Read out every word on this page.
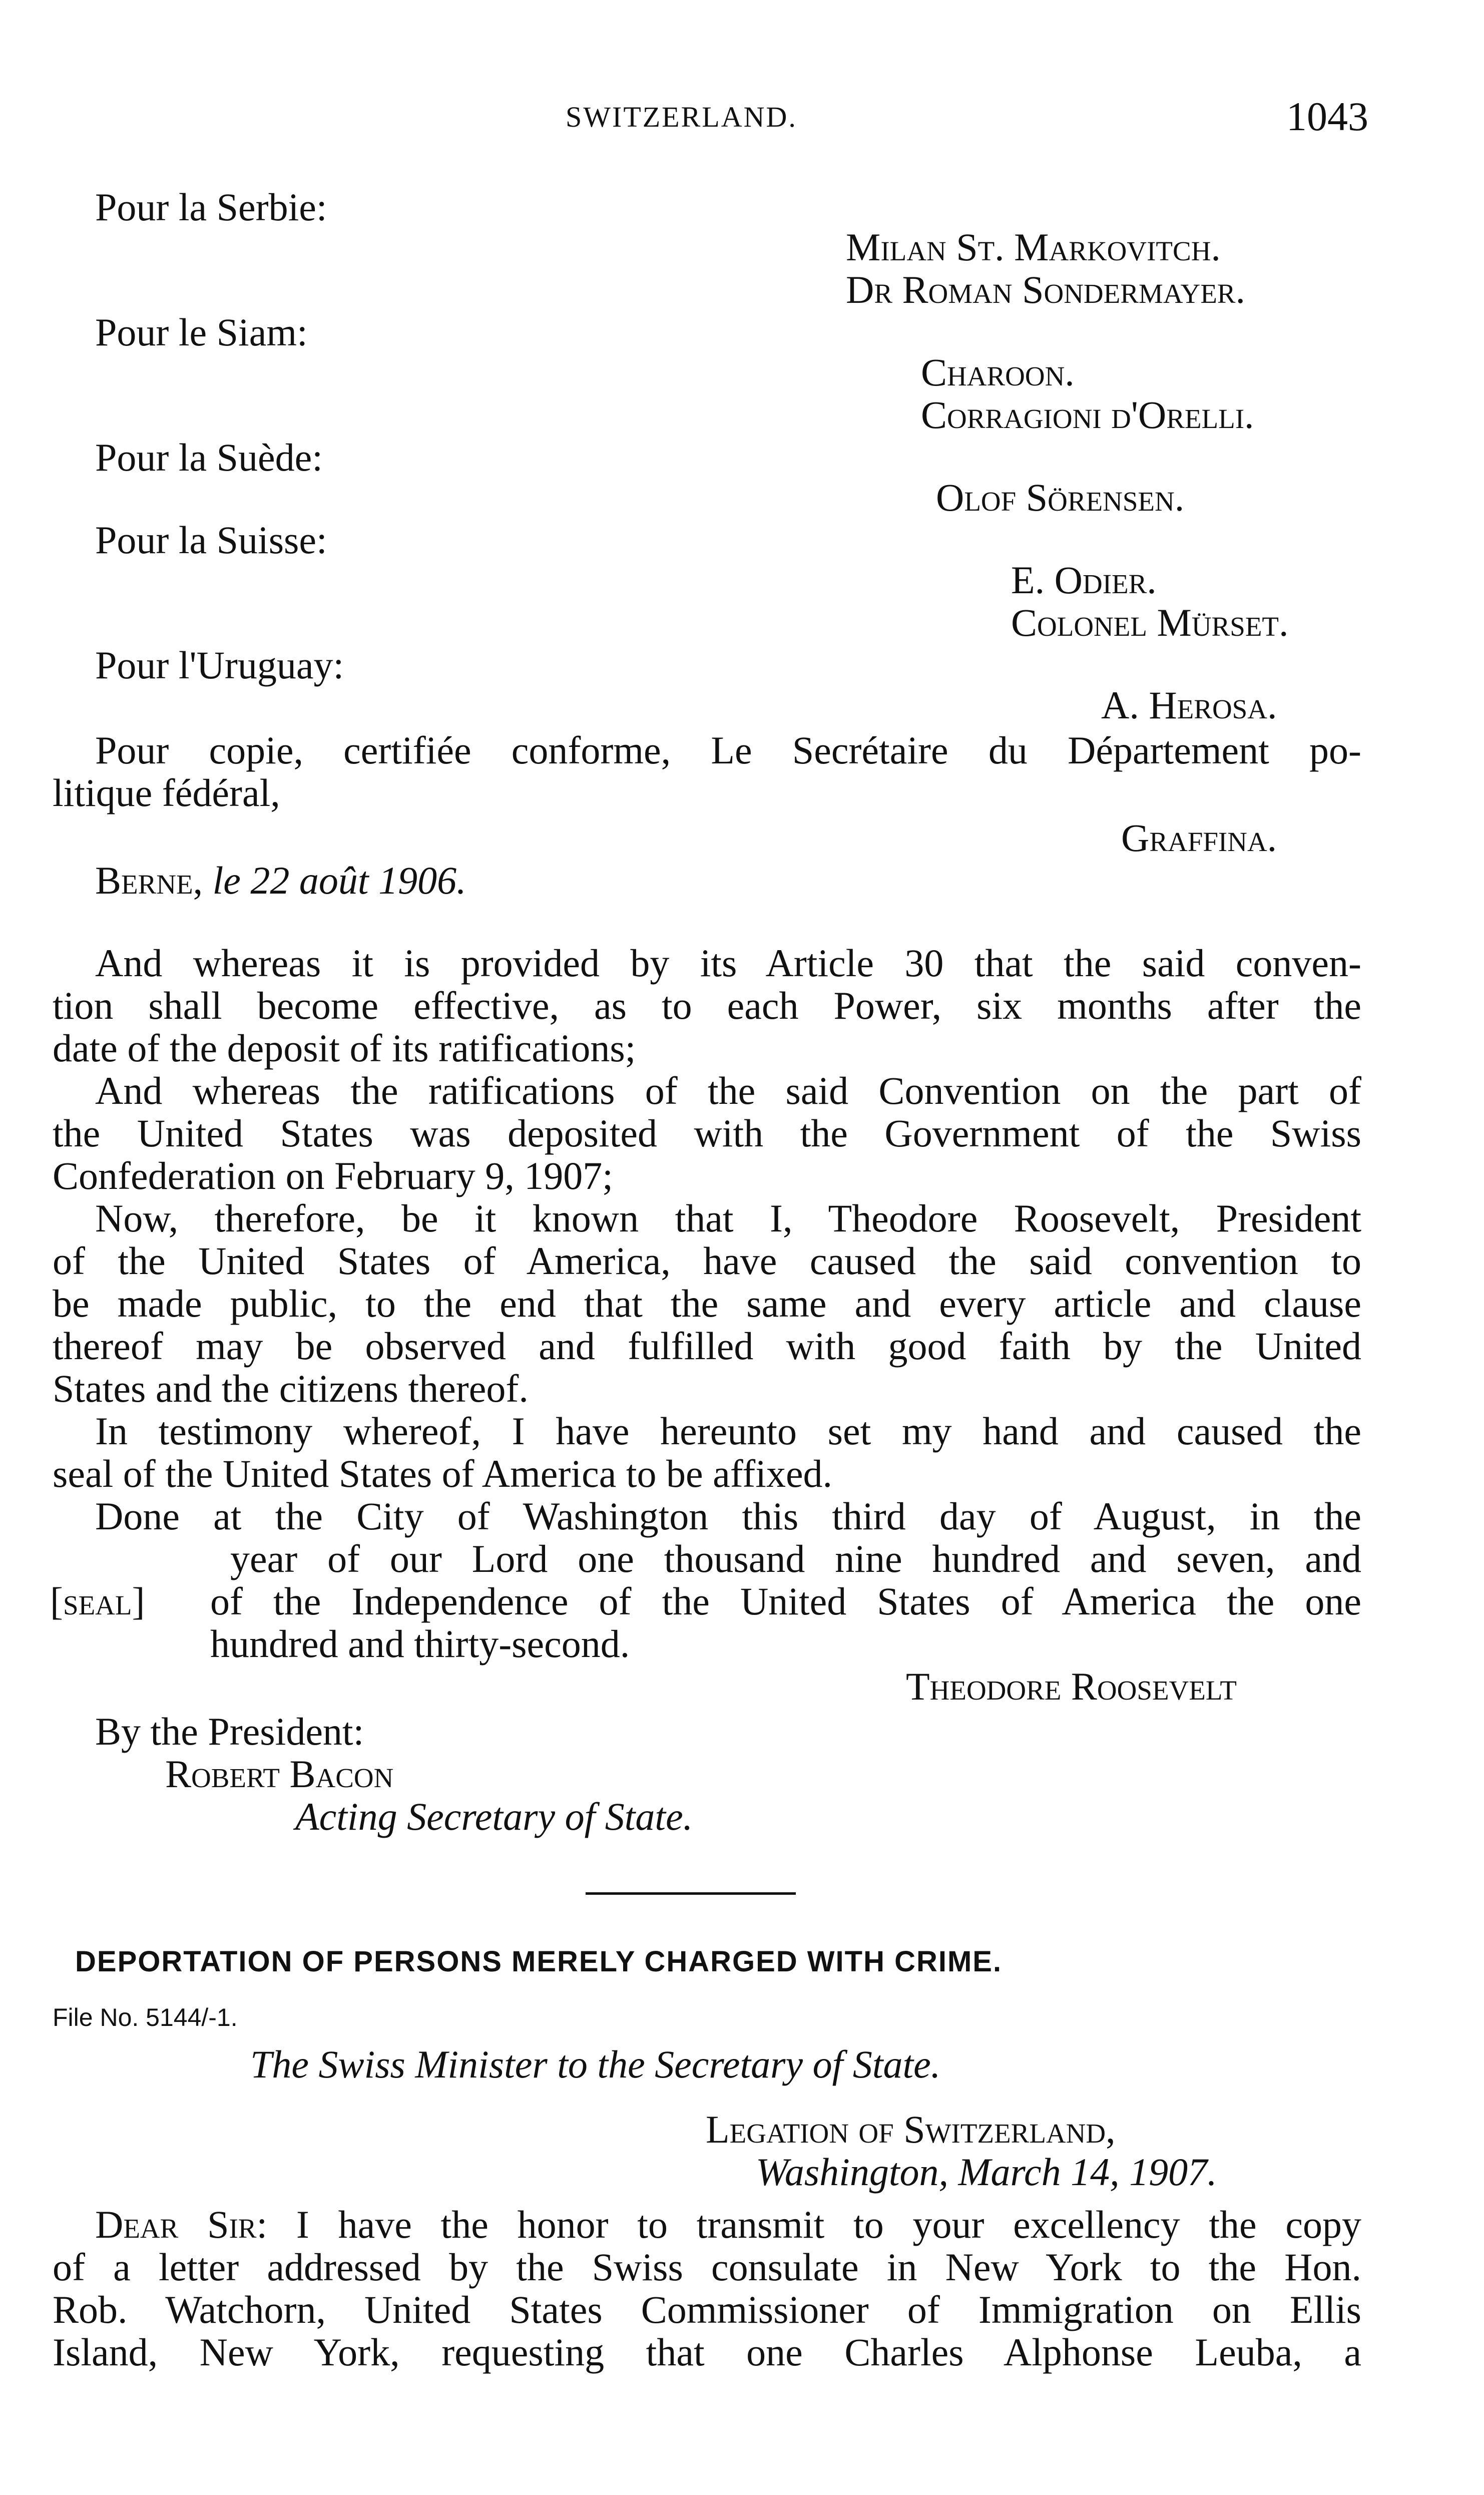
SWITZERLAND.	1043
Pour la Serbie:
Milan St. Markovitch.
Dr Roman Sondermayer.
Pour le Siam:
Charoon.
Corragioni d'Orelli.
Pour la Suède:
Olof Sörensen.
Pour la Suisse:
E. Odier.
Colonel Mürset.
Pour l'Uruguay:
A. Herosa.
Pour copie, certifiée conforme, Le Secrétaire du Département po-
litique fédéral,
Graffina.
Berne, le 22 août 1906.
And whereas it is provided by its Article 30 that the said conven-
tion shall become effective, as to each Power, six months after the
date of the deposit of its ratifications;
And whereas the ratifications of the said Convention on the part of
the United States was deposited with the Government of the Swiss
Confederation on February 9, 1907;
Now, therefore, be it known that I, Theodore Roosevelt, President
of the United States of America, have caused the said convention to
be made public, to the end that the same and every article and clause
thereof may be observed and fulfilled with good faith by the United
States and the citizens thereof.
In testimony whereof, I have hereunto set my hand and caused the
seal of the United States of America to be affixed.
Done at the City of Washington this third day of August, in the
year of our Lord one thousand nine hundred and seven, and
[seal] of the Independence of the United States of America the one
hundred and thirty-second.
Theodore Roosevelt
By the President:
Robert Bacon
Acting Secretary of State.
DEPORTATION OF PERSONS MERELY CHARGED WITH CRIME.
File No. 5144/-1.
The Swiss Minister to the Secretary of State.
Legation of Switzerland,
Washington, March 14, 1907.
Dear Sir: I have the honor to transmit to your excellency the copy
of a letter addressed by the Swiss consulate in New York to the Hon.
Rob. Watchorn, United States Commissioner of Immigration on Ellis
Island, New York, requesting that one Charles Alphonse Leuba, a
